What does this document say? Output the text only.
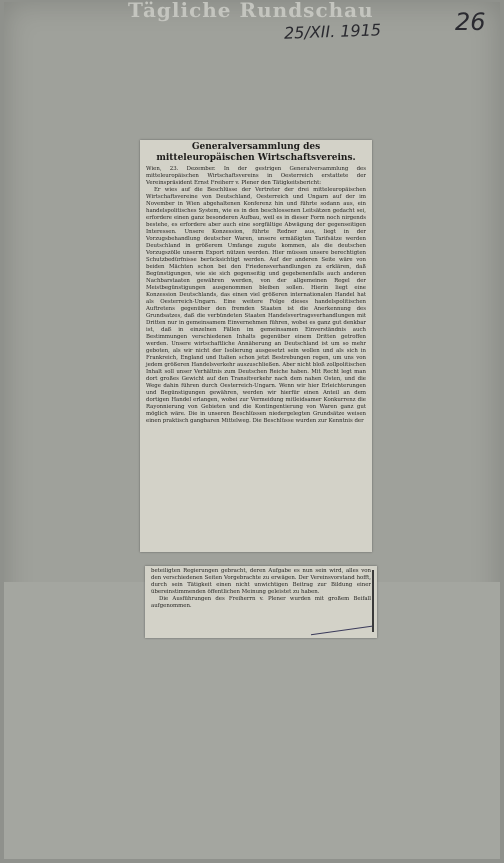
Tägliche Rundschau
25/XII. 1915	26
Generalversammlung des mitteleuropäischen Wirtschaftsvereins.

Wien, 23. Dezember. In der gestrigen Generalversammlung des mitteleuropäischen Wirtschaftsvereins in Oesterreich erstattete der Vereinspräsident Ernst Freiherr v. Plener den Tätigkeitsbericht:

Er wies auf die Beschlüsse der Vertreter der drei mitteleuropäischen Wirtschaftsvereine von Deutschland, Oesterreich und Ungarn auf der im November in Wien abgehaltenen Konferenz hin und führte sodann aus, ein handelspolitisches System, wie es in den beschlossenen Leitsätzen gedacht sei, erfordere einen ganz besonderen Aufbau, weil es in dieser Form noch nirgends bestehe, es erfordere aber auch eine sorgfältige Abwägung der gegenseitigen Interessen. Unsere Konzession, führte Redner aus, liegt in der Vorzugsbehandlung deutscher Waren, unsere ermäßigten Tarifsätze werden Deutschland in größerem Umfange zugute kommen, als die deutschen Vorzugszölle unserm Export nützen werden. Hier müssen unsere berechtigten Schutzbedürfnisse berücksichtigt werden. Auf der anderen Seite wäre von beiden Mächten schon bei den Friedensverhandlungen zu erklären, daß Begünstigungen, wie sie sich gegenseitig und gegebenenfalls auch anderen Nachbarstaaten gewähren werden, von der allgemeinen Regel der Meistbegünstigungen ausgenommen bleiben sollen. Hierin liegt eine Konzession Deutschlands, das einen viel größeren internationalen Handel hat als Oesterreich-Ungarn. Eine weitere Folge dieses handelspolitischen Auftretens gegenüber den fremden Staaten ist die Anerkennung des Grundsatzes, daß die verbündeten Staaten Handelsvertragsverhandlungen mit Dritten nur in gemeinsamem Einvernehmen führen, wobei es ganz gut denkbar ist, daß in einzelnen Fällen im gemeinsamen Einverständnis auch Bestimmungen verschiedenen Inhalts gegenüber einem Dritten getroffen werden. Unsere wirtschaftliche Annäherung an Deutschland ist um so mehr geboten, als wir nicht der Isolierung ausgesetzt sein wollen und als sich in Frankreich, England und Italien schon jetzt Bestrebungen regen, um uns von jedem größeren Handelsverkehr auszuschließen. Aber nicht bloß zollpolitischen Inhalt soll unser Verhältnis zum Deutschen Reiche haben. Mit Recht legt man dort großes Gewicht auf den Transitverkehr nach dem nahen Osten, und die Wege dahin führen durch Oesterreich-Ungarn. Wenn wir hier Erleichterungen und Begünstigungen gewähren, werden wir hierfür einen Anteil an dem dortigen Handel erlangen, wobei zur Vermeidung mitleidsamer Konkurrenz die Rayonnierung von Gebieten und die Kontingentierung von Waren ganz gut möglich wäre. Die in unseren Beschlüssen niedergelegten Grundsätze weisen einen praktisch gangbaren Mittelweg. Die Beschlüsse wurden zur Kenntnis der

beteiligten Regierungen gebracht, deren Aufgabe es nun sein wird, alles von den verschiedenen Seiten Vorgebrachte zu erwägen. Der Vereinsvorstand hofft, durch sein Tätigkeit einen nicht unwichtigen Beitrag zur Bildung einer übereinstimmenden öffentlichen Meinung geleistet zu haben.

Die Ausführungen des Freiherrn v. Plener wurden mit großem Beifall aufgenommen.
